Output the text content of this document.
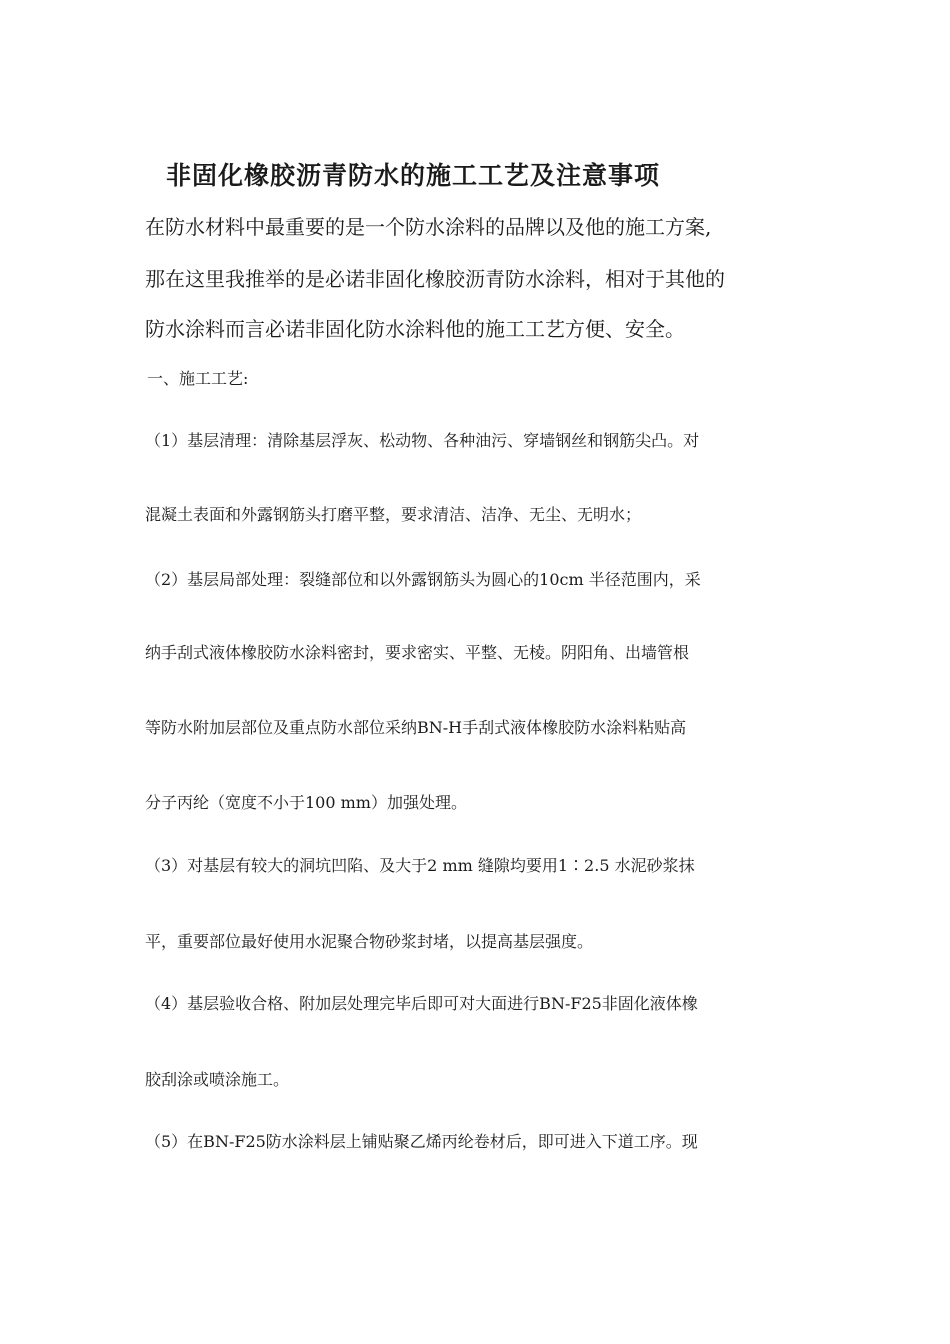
非固化橡胶沥青防水的施工工艺及注意事项

在防水材料中最重要的是一个防水涂料的品牌以及他的施工方案,

那在这里我推举的是必诺非固化橡胶沥青防水涂料，相对于其他的

防水涂料而言必诺非固化防水涂料他的施工工艺方便、安全。

一、施工工艺:

（1）基层清理：清除基层浮灰、松动物、各种油污、穿墙钢丝和钢筋尖凸。对

混凝土表面和外露钢筋头打磨平整，要求清洁、洁净、无尘、无明水；

（2）基层局部处理：裂缝部位和以外露钢筋头为圆心的10cm 半径范围内，采

纳手刮式液体橡胶防水涂料密封，要求密实、平整、无棱。阴阳角、出墙管根

等防水附加层部位及重点防水部位采纳BN-H手刮式液体橡胶防水涂料粘贴高

分子丙纶（宽度不小于100 mm）加强处理。

（3）对基层有较大的洞坑凹陷、及大于2 mm 缝隙均要用1∶2.5 水泥砂浆抹

平，重要部位最好使用水泥聚合物砂浆封堵，以提高基层强度。

（4）基层验收合格、附加层处理完毕后即可对大面进行BN-F25非固化液体橡

胶刮涂或喷涂施工。

（5）在BN-F25防水涂料层上铺贴聚乙烯丙纶卷材后，即可进入下道工序。现
